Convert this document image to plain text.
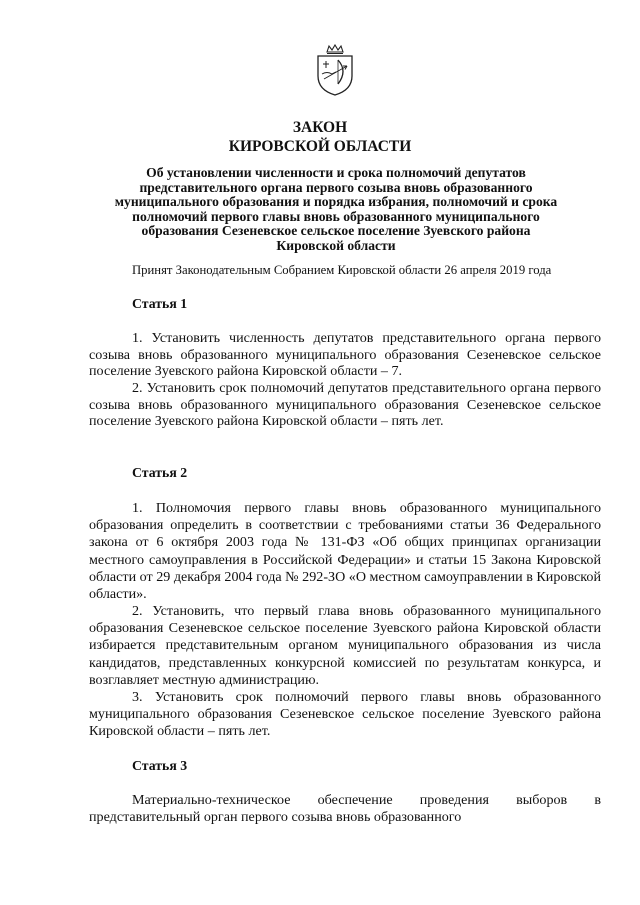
ЗАКОН
КИРОВСКОЙ ОБЛАСТИ
Об установлении численности и срока полномочий депутатов
представительного органа первого созыва вновь образованного
муниципального образования и порядка избрания, полномочий и срока
полномочий первого главы вновь образованного муниципального
образования Сезеневское сельское поселение Зуевского района
Кировской области
Принят Законодательным Собранием Кировской области 26 апреля 2019 года
Статья 1
1. Установить численность депутатов представительного органа первого созыва вновь образованного муниципального образования Сезеневское сельское поселение Зуевского района Кировской области – 7.
2. Установить срок полномочий депутатов представительного органа первого созыва вновь образованного муниципального образования Сезеневское сельское поселение Зуевского района Кировской области – пять лет.
Статья 2
1. Полномочия первого главы вновь образованного муниципального образования определить в соответствии с требованиями статьи 36 Федерального закона от 6 октября 2003 года № 131-ФЗ «Об общих принципах организации местного самоуправления в Российской Федерации» и статьи 15 Закона Кировской области от 29 декабря 2004 года № 292-ЗО «О местном самоуправлении в Кировской области».
2. Установить, что первый глава вновь образованного муниципального образования Сезеневское сельское поселение Зуевского района Кировской области избирается представительным органом муниципального образования из числа кандидатов, представленных конкурсной комиссией по результатам конкурса, и возглавляет местную администрацию.
3. Установить срок полномочий первого главы вновь образованного муниципального образования Сезеневское сельское поселение Зуевского района Кировской области – пять лет.
Статья 3
Материально-техническое обеспечение проведения выборов в представительный орган первого созыва вновь образованного
